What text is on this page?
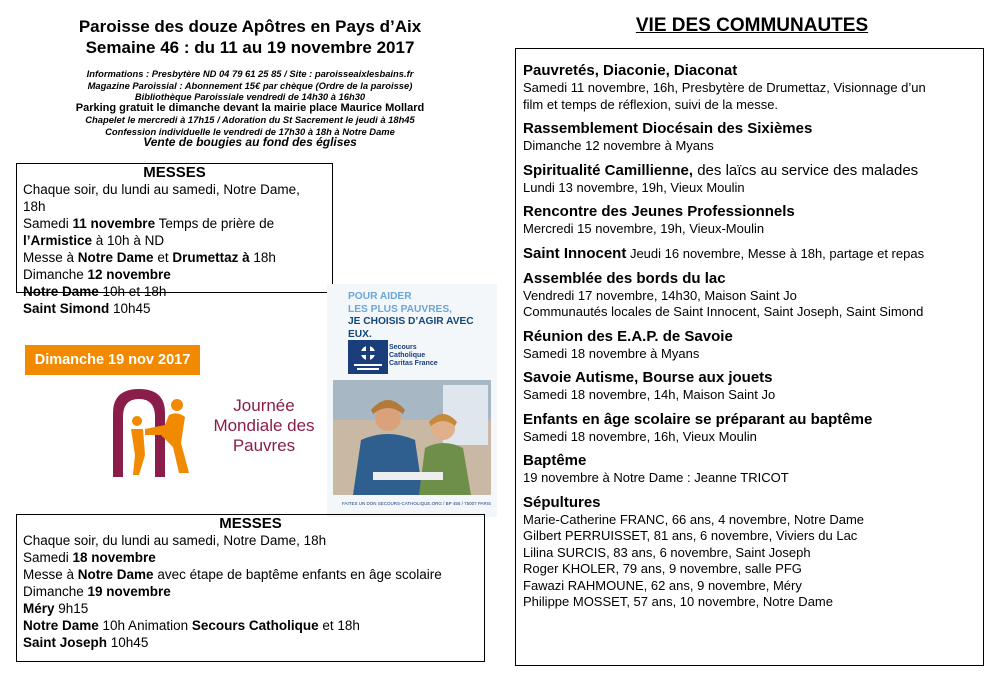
Paroisse des douze Apôtres en Pays d’Aix
Semaine 46 : du 11 au 19 novembre 2017
Informations : Presbytère ND 04 79 61 25 85 / Site : paroisseaixlesbains.fr
Magazine Paroissial : Abonnement 15€ par chèque (Ordre de la paroisse)
Bibliothèque Paroissiale vendredi de 14h30 à 16h30
Parking gratuit le dimanche devant la mairie place Maurice Mollard
Chapelet le mercredi à 17h15 / Adoration du St Sacrement le jeudi à 18h45
Confession individuelle le vendredi de 17h30 à 18h à Notre Dame
Vente de bougies au fond des églises
MESSES
Chaque soir, du lundi au samedi, Notre Dame, 18h
Samedi 11 novembre Temps de prière de l’Armistice à 10h à ND
Messe à Notre Dame et Drumettaz à 18h
Dimanche 12 novembre
Notre Dame 10h et 18h
Saint Simond 10h45
Dimanche 19 nov 2017
Journée
Mondiale des
Pauvres
POUR AIDER
LES PLUS PAUVRES,
JE CHOISIS D’AGIR AVEC EUX.
Secours
Catholique
Caritas France
FAITES UN DON SECOURS-CATHOLIQUE.ORG / BP 455 / 75007 PARIS
MESSES
Chaque soir, du lundi au samedi, Notre Dame, 18h
Samedi 18 novembre
Messe à Notre Dame avec étape de baptême enfants en âge scolaire
Dimanche 19 novembre
Méry 9h15
Notre Dame 10h Animation Secours Catholique et 18h
Saint Joseph 10h45
VIE DES COMMUNAUTES
Pauvretés, Diaconie, Diaconat
Samedi 11 novembre, 16h, Presbytère de Drumettaz, Visionnage d’un
film et temps de réflexion, suivi de la messe.
Rassemblement Diocésain des Sixièmes
Dimanche 12 novembre à Myans
Spiritualité Camillienne, des laïcs au service des malades
Lundi 13 novembre, 19h, Vieux Moulin
Rencontre des Jeunes Professionnels
Mercredi 15 novembre, 19h, Vieux-Moulin
Saint Innocent Jeudi 16 novembre, Messe à 18h, partage et repas
Assemblée des bords du lac
Vendredi 17 novembre, 14h30, Maison Saint Jo
Communautés locales de Saint Innocent, Saint Joseph, Saint Simond
Réunion des E.A.P. de Savoie
Samedi 18 novembre à Myans
Savoie Autisme, Bourse aux jouets
Samedi 18 novembre, 14h, Maison Saint Jo
Enfants en âge scolaire se préparant au baptême
Samedi 18 novembre, 16h, Vieux Moulin
Baptême
19 novembre à Notre Dame : Jeanne TRICOT
Sépultures
Marie-Catherine FRANC, 66 ans, 4 novembre, Notre Dame
Gilbert PERRUISSET, 81 ans, 6 novembre, Viviers du Lac
Lilina SURCIS, 83 ans, 6 novembre, Saint Joseph
Roger KHOLER, 79 ans, 9 novembre, salle PFG
Fawazi RAHMOUNE, 62 ans, 9 novembre, Méry
Philippe MOSSET, 57 ans, 10 novembre, Notre Dame
